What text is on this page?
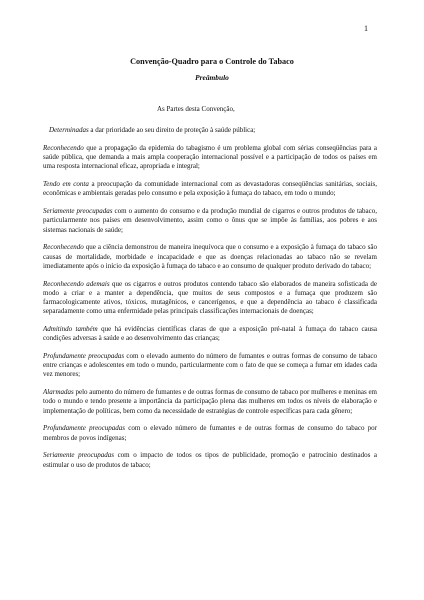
1
Convenção-Quadro para o Controle do Tabaco
Preâmbulo

As Partes desta Convenção,

Determinadas a dar prioridade ao seu direito de proteção à saúde pública;

Reconhecendo que a propagação da epidemia do tabagismo é um problema global com sérias conseqüências para a saúde pública, que demanda a mais ampla cooperação internacional possível e a participação de todos os países em uma resposta internacional eficaz, apropriada e integral;

Tendo em conta a preocupação da comunidade internacional com as devastadoras conseqüências sanitárias, sociais, econômicas e ambientais geradas pelo consumo e pela exposição à fumaça do tabaco, em todo o mundo;

Seriamente preocupadas com o aumento do consumo e da produção mundial de cigarros e outros produtos de tabaco, particularmente nos países em desenvolvimento, assim como o ônus que se impõe às famílias, aos pobres e aos sistemas nacionais de saúde;

Reconhecendo que a ciência demonstrou de maneira inequívoca que o consumo e a exposição à fumaça do tabaco são causas de mortalidade, morbidade e incapacidade e que as doenças relacionadas ao tabaco não se revelam imediatamente após o início da exposição à fumaça do tabaco e ao consumo de qualquer produto derivado do tabaco;

Reconhecendo ademais que os cigarros e outros produtos contendo tabaco são elaborados de maneira sofisticada de modo a criar e a manter a dependência, que muitos de seus compostos e a fumaça que produzem são farmacologicamente ativos, tóxicos, mutagênicos, e cancerígenos, e que a dependência ao tabaco é classificada separadamente como uma enfermidade pelas principais classificações internacionais de doenças;

Admitindo também que há evidências científicas claras de que a exposição pré-natal à fumaça do tabaco causa condições adversas à saúde e ao desenvolvimento das crianças;

Profundamente preocupadas com o elevado aumento do número de fumantes e outras formas de consumo de tabaco entre crianças e adolescentes em todo o mundo, particularmente com o fato de que se começa a fumar em idades cada vez menores;

Alarmadas pelo aumento do número de fumantes e de outras formas de consumo de tabaco por mulheres e meninas em todo o mundo e tendo presente a importância da participação plena das mulheres em todos os níveis de elaboração e implementação de políticas, bem como da necessidade de estratégias de controle específicas para cada gênero;

Profundamente preocupadas com o elevado número de fumantes e de outras formas de consumo do tabaco por membros de povos indígenas;

Seriamente preocupadas com o impacto de todos os tipos de publicidade, promoção e patrocínio destinados a estimular o uso de produtos de tabaco;
